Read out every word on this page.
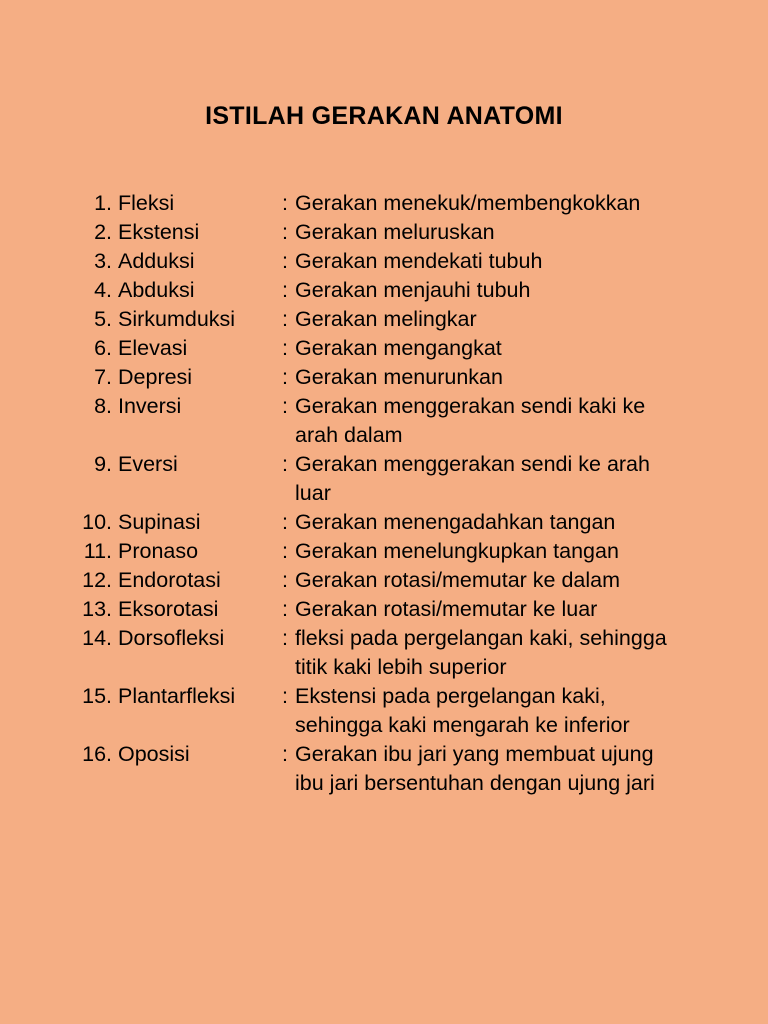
ISTILAH GERAKAN ANATOMI
1. Fleksi	: Gerakan menekuk/membengkokkan
2. Ekstensi	: Gerakan meluruskan
3. Adduksi	: Gerakan mendekati tubuh
4. Abduksi	: Gerakan menjauhi tubuh
5. Sirkumduksi	: Gerakan melingkar
6. Elevasi	: Gerakan mengangkat
7. Depresi	: Gerakan menurunkan
8. Inversi	: Gerakan menggerakan sendi kaki ke
arah dalam
9. Eversi	: Gerakan menggerakan sendi ke arah
luar
10. Supinasi	: Gerakan menengadahkan tangan
11. Pronaso	: Gerakan menelungkupkan tangan
12. Endorotasi	: Gerakan rotasi/memutar ke dalam
13. Eksorotasi	: Gerakan rotasi/memutar ke luar
14. Dorsofleksi	: fleksi pada pergelangan kaki, sehingga
titik kaki lebih superior
15. Plantarfleksi	: Ekstensi pada pergelangan kaki,
sehingga kaki mengarah ke inferior
16. Oposisi	: Gerakan ibu jari yang membuat ujung
ibu jari bersentuhan dengan ujung jari
